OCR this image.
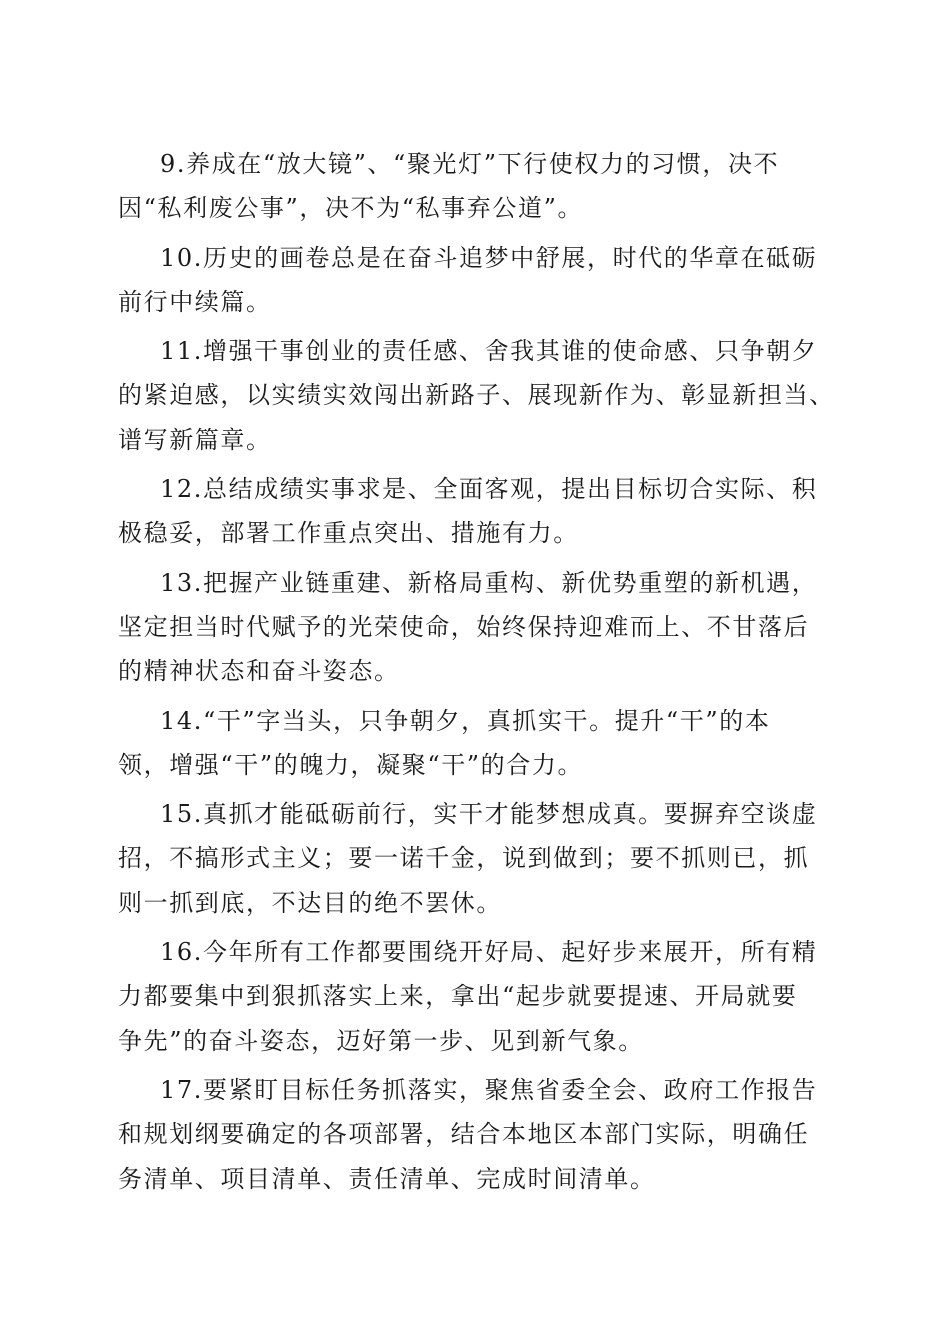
9.养成在“放大镜”、“聚光灯”下行使权力的习惯，决不
因“私利废公事”，决不为“私事弃公道”。

10.历史的画卷总是在奋斗追梦中舒展，时代的华章在砥砺
前行中续篇。

11.增强干事创业的责任感、舍我其谁的使命感、只争朝夕
的紧迫感，以实绩实效闯出新路子、展现新作为、彰显新担当、
谱写新篇章。

12.总结成绩实事求是、全面客观，提出目标切合实际、积
极稳妥，部署工作重点突出、措施有力。

13.把握产业链重建、新格局重构、新优势重塑的新机遇，
坚定担当时代赋予的光荣使命，始终保持迎难而上、不甘落后
的精神状态和奋斗姿态。

14.“干”字当头，只争朝夕，真抓实干。提升“干”的本
领，增强“干”的魄力，凝聚“干”的合力。

15.真抓才能砥砺前行，实干才能梦想成真。要摒弃空谈虚
招，不搞形式主义；要一诺千金，说到做到；要不抓则已，抓
则一抓到底，不达目的绝不罢休。

16.今年所有工作都要围绕开好局、起好步来展开，所有精
力都要集中到狠抓落实上来，拿出“起步就要提速、开局就要
争先”的奋斗姿态，迈好第一步、见到新气象。

17.要紧盯目标任务抓落实，聚焦省委全会、政府工作报告
和规划纲要确定的各项部署，结合本地区本部门实际，明确任
务清单、项目清单、责任清单、完成时间清单。
